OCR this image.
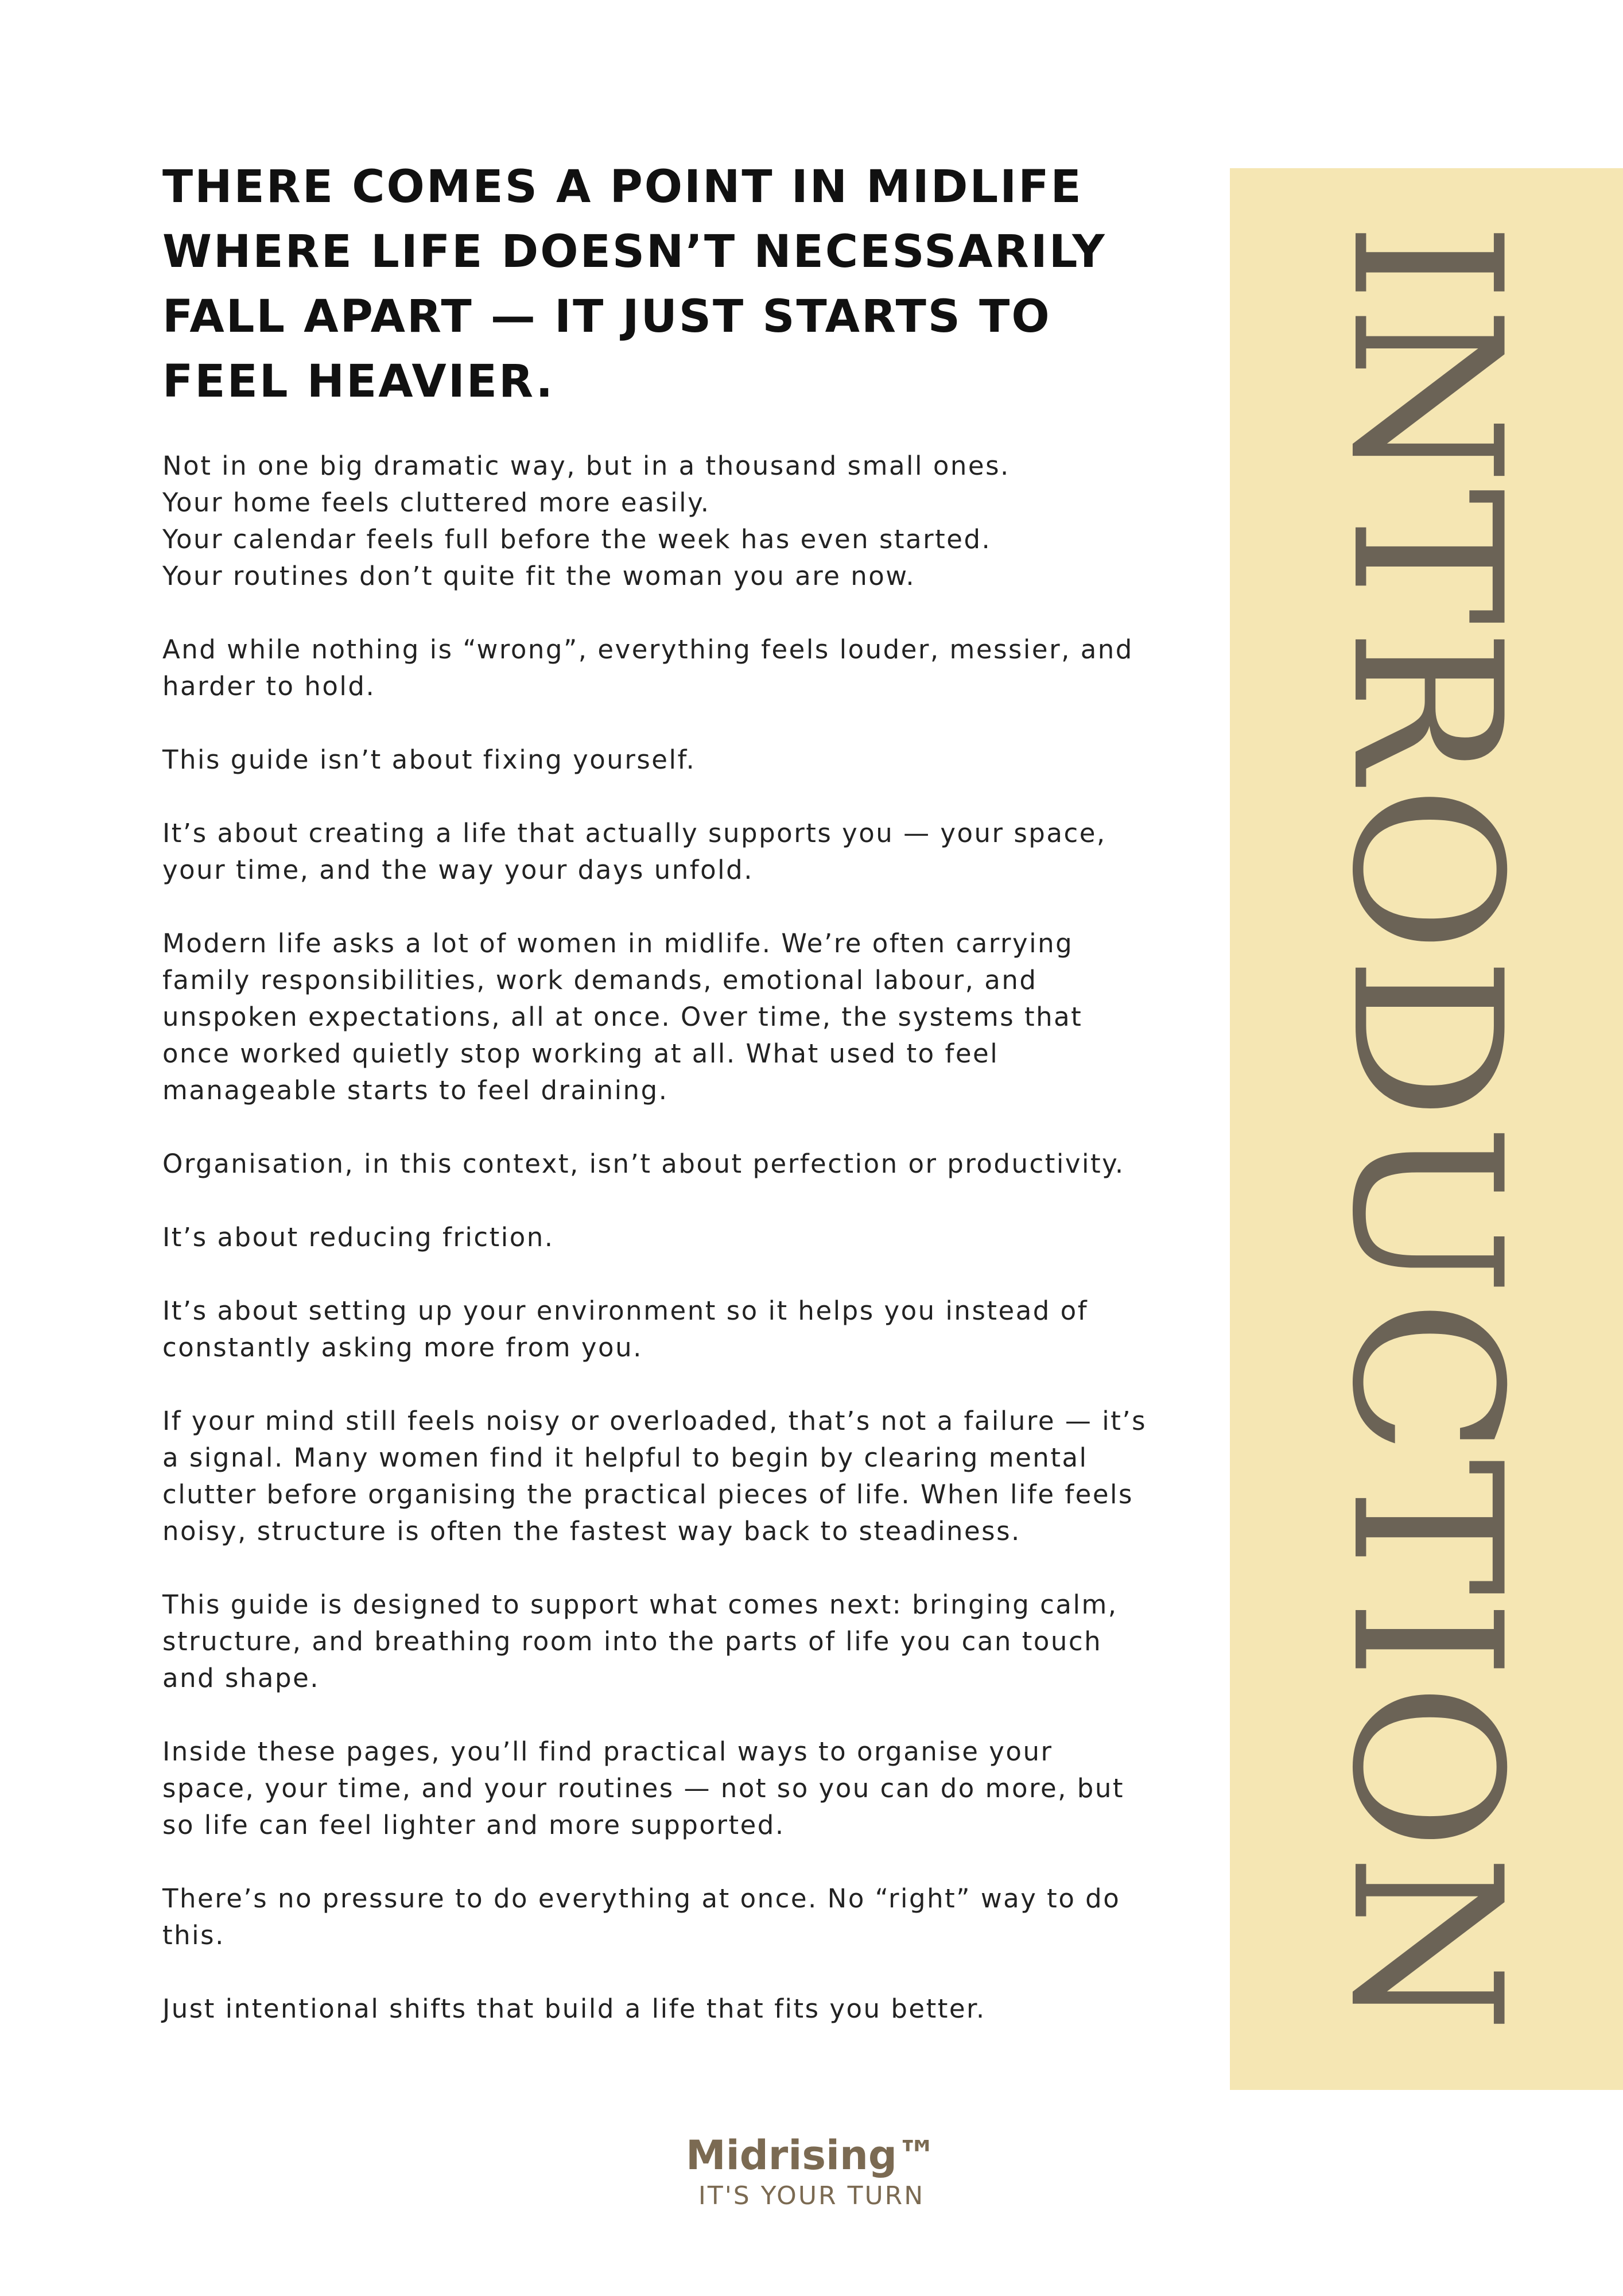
THERE COMES A POINT IN MIDLIFE
WHERE LIFE DOESN’T NECESSARILY
FALL APART — IT JUST STARTS TO
FEEL HEAVIER.

Not in one big dramatic way, but in a thousand small ones.
Your home feels cluttered more easily.
Your calendar feels full before the week has even started.
Your routines don’t quite fit the woman you are now.

And while nothing is “wrong”, everything feels louder, messier, and
harder to hold.

This guide isn’t about fixing yourself.

It’s about creating a life that actually supports you — your space,
your time, and the way your days unfold.

Modern life asks a lot of women in midlife. We’re often carrying
family responsibilities, work demands, emotional labour, and
unspoken expectations, all at once. Over time, the systems that
once worked quietly stop working at all. What used to feel
manageable starts to feel draining.

Organisation, in this context, isn’t about perfection or productivity.

It’s about reducing friction.

It’s about setting up your environment so it helps you instead of
constantly asking more from you.

If your mind still feels noisy or overloaded, that’s not a failure — it’s
a signal. Many women find it helpful to begin by clearing mental
clutter before organising the practical pieces of life. When life feels
noisy, structure is often the fastest way back to steadiness.

This guide is designed to support what comes next: bringing calm,
structure, and breathing room into the parts of life you can touch
and shape.

Inside these pages, you’ll find practical ways to organise your
space, your time, and your routines — not so you can do more, but
so life can feel lighter and more supported.

There’s no pressure to do everything at once. No “right” way to do
this.

Just intentional shifts that build a life that fits you better.	INTRODUCTION
Midrising™
IT'S YOUR TURN
